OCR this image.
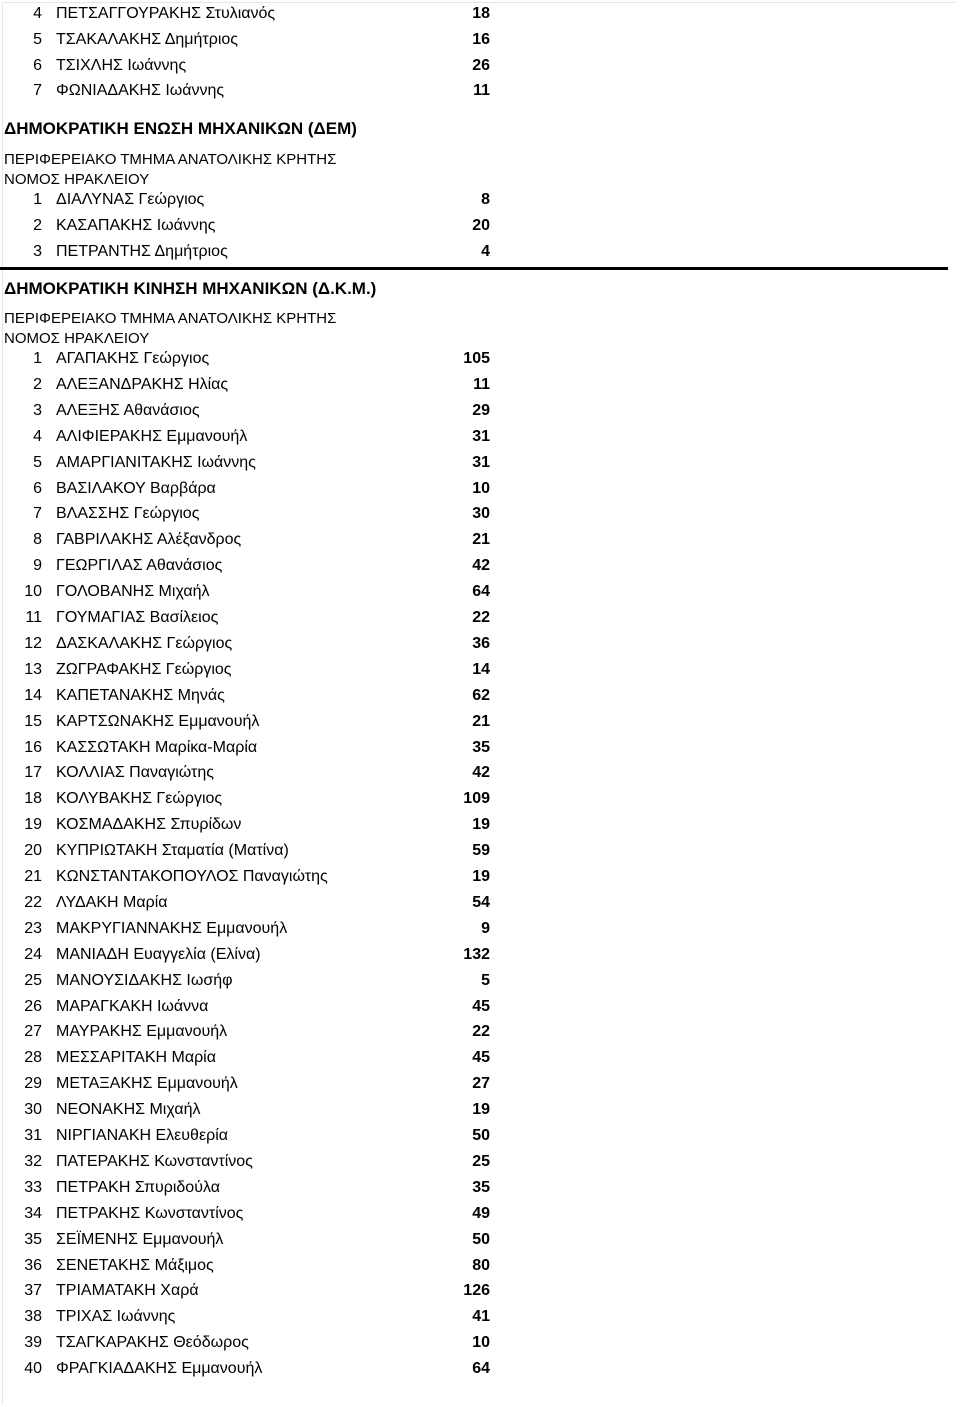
4 ΠΕΤΣΑΓΓΟΥΡΑΚΗΣ Στυλιανός	18
5 ΤΣΑΚΑΛΑΚΗΣ Δημήτριος	16
6 ΤΣΙΧΛΗΣ Ιωάννης	26
7 ΦΩΝΙΑΔΑΚΗΣ Ιωάννης	11
ΔΗΜΟΚΡΑΤΙΚΗ ΕΝΩΣΗ ΜΗΧΑΝΙΚΩΝ (ΔΕΜ)
ΠΕΡΙΦΕΡΕΙΑΚΟ ΤΜΗΜΑ ΑΝΑΤΟΛΙΚΗΣ ΚΡΗΤΗΣ
ΝΟΜΟΣ ΗΡΑΚΛΕΙΟΥ
1 ΔΙΑΛΥΝΑΣ Γεώργιος	8
2 ΚΑΣΑΠΑΚΗΣ Ιωάννης	20
3 ΠΕΤΡΑΝΤΗΣ Δημήτριος	4
ΔΗΜΟΚΡΑΤΙΚΗ ΚΙΝΗΣΗ ΜΗΧΑΝΙΚΩΝ (Δ.Κ.Μ.)
ΠΕΡΙΦΕΡΕΙΑΚΟ ΤΜΗΜΑ ΑΝΑΤΟΛΙΚΗΣ ΚΡΗΤΗΣ
ΝΟΜΟΣ ΗΡΑΚΛΕΙΟΥ
1 ΑΓΑΠΑΚΗΣ Γεώργιος	105
2 ΑΛΕΞΑΝΔΡΑΚΗΣ Ηλίας	11
3 ΑΛΕΞΗΣ Αθανάσιος	29
4 ΑΛΙΦΙΕΡΑΚΗΣ Εμμανουήλ	31
5 ΑΜΑΡΓΙΑΝΙΤΑΚΗΣ Ιωάννης	31
6 ΒΑΣΙΛΑΚΟΥ Βαρβάρα	10
7 ΒΛΑΣΣΗΣ Γεώργιος	30
8 ΓΑΒΡΙΛΑΚΗΣ Αλέξανδρος	21
9 ΓΕΩΡΓΙΛΑΣ Αθανάσιος	42
10 ΓΟΛΟΒΑΝΗΣ Μιχαήλ	64
11 ΓΟΥΜΑΓΙΑΣ Βασίλειος	22
12 ΔΑΣΚΑΛΑΚΗΣ Γεώργιος	36
13 ΖΩΓΡΑΦΑΚΗΣ Γεώργιος	14
14 ΚΑΠΕΤΑΝΑΚΗΣ Μηνάς	62
15 ΚΑΡΤΣΩΝΑΚΗΣ Εμμανουήλ	21
16 ΚΑΣΣΩΤΑΚΗ Μαρίκα-Μαρία	35
17 ΚΟΛΛΙΑΣ Παναγιώτης	42
18 ΚΟΛΥΒΑΚΗΣ Γεώργιος	109
19 ΚΟΣΜΑΔΑΚΗΣ Σπυρίδων	19
20 ΚΥΠΡΙΩΤΑΚΗ Σταματία (Ματίνα)	59
21 ΚΩΝΣΤΑΝΤΑΚΟΠΟΥΛΟΣ Παναγιώτης	19
22 ΛΥΔΑΚΗ Μαρία	54
23 ΜΑΚΡΥΓΙΑΝΝΑΚΗΣ Εμμανουήλ	9
24 ΜΑΝΙΑΔΗ Ευαγγελία (Ελίνα)	132
25 ΜΑΝΟΥΣΙΔΑΚΗΣ Ιωσήφ	5
26 ΜΑΡΑΓΚΑΚΗ Ιωάννα	45
27 ΜΑΥΡΑΚΗΣ Εμμανουήλ	22
28 ΜΕΣΣΑΡΙΤΑΚΗ Μαρία	45
29 ΜΕΤΑΞΑΚΗΣ Εμμανουήλ	27
30 ΝΕΟΝΑΚΗΣ Μιχαήλ	19
31 ΝΙΡΓΙΑΝΑΚΗ Ελευθερία	50
32 ΠΑΤΕΡΑΚΗΣ Κωνσταντίνος	25
33 ΠΕΤΡΑΚΗ Σπυριδούλα	35
34 ΠΕΤΡΑΚΗΣ Κωνσταντίνος	49
35 ΣΕΪΜΕΝΗΣ Εμμανουήλ	50
36 ΣΕΝΕΤΑΚΗΣ Μάξιμος	80
37 ΤΡΙΑΜΑΤΑΚΗ Χαρά	126
38 ΤΡΙΧΑΣ Ιωάννης	41
39 ΤΣΑΓΚΑΡΑΚΗΣ Θεόδωρος	10
40 ΦΡΑΓΚΙΑΔΑΚΗΣ Εμμανουήλ	64
